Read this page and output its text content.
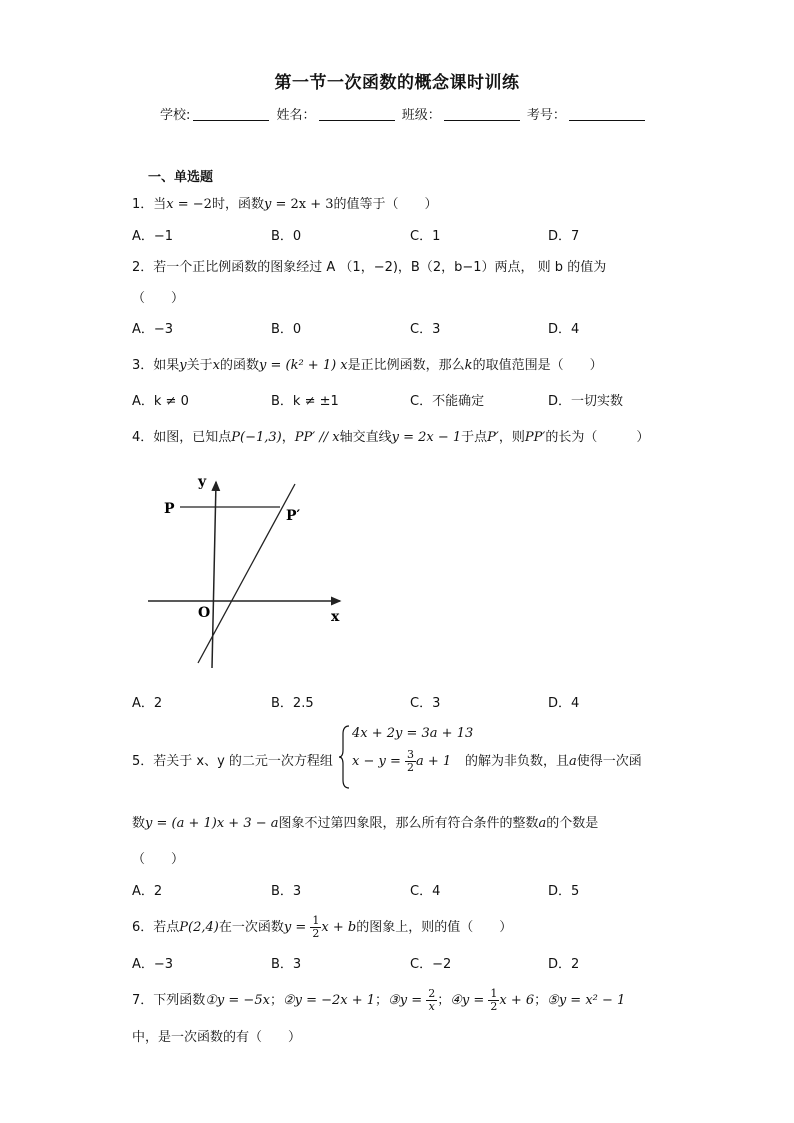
第一节一次函数的概念课时训练
学校:	姓名：	班级：	考号：
一、单选题
1．当x = −2时，函数y = 2x + 3的值等于（　　）
A．−1	B．0	C．1	D．7
2．若一个正比例函数的图象经过 A （1，−2)，B（2，b−1）两点， 则 b 的值为
（　　）
A．−3	B．0	C．3	D．4
3．如果y关于x的函数y = (k² + 1) x是正比例函数，那么k的取值范围是（　　）
A．k ≠ 0	B．k ≠ ±1	C．不能确定	D．一切实数
4．如图，已知点P(−1,3)，PP′ // x轴交直线y = 2x − 1于点P′，则PP′的长为（　　　）
y
x
O
P	P′
A．2	B．2.5	C．3	D．4
5．若关于 x、y 的二元一次方程组
4x + 2y = 3a + 13
$x - y = \frac{3}{2}$ a + 1 的解为非负数，且a使得一次函
数y = (a + 1)x + 3 − a图象不过第四象限，那么所有符合条件的整数a的个数是
（　　）
A．2	B．3	C．4	D．5
6．若点P(2,4)在一次函数$y = \frac{1}{2}$ x + b的图象上，则的值（　　）
A．−3	B．3	C．−2	D．2
7．下列函数①y = −5x；②y = −2x + 1；③y = $\frac{2}{x}$ ；④y = $\frac{1}{2}$ x + 6；⑤y = x² − 1
中，是一次函数的有（　　）
